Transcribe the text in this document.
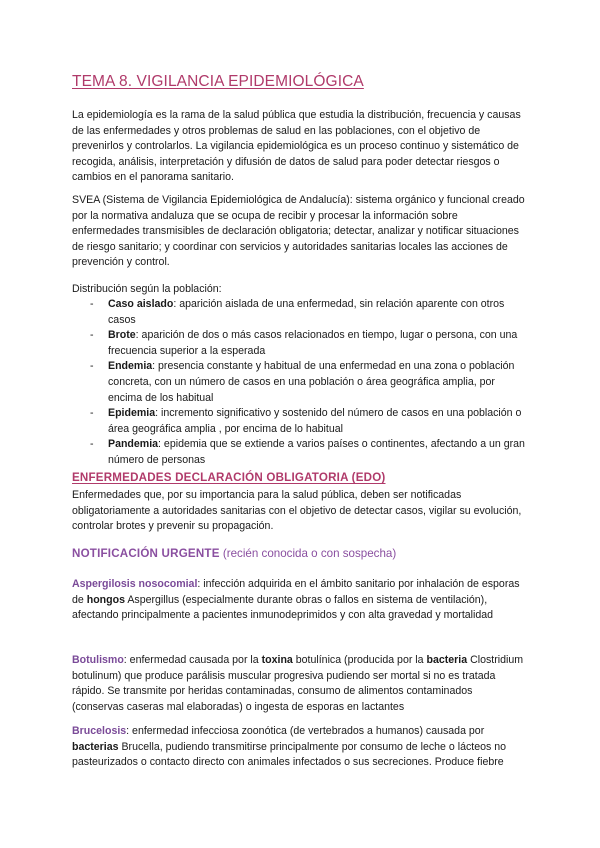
TEMA 8. VIGILANCIA EPIDEMIOLÓGICA

La epidemiología es la rama de la salud pública que estudia la distribución, frecuencia y causas de las enfermedades y otros problemas de salud en las poblaciones, con el objetivo de prevenirlos y controlarlos. La vigilancia epidemiológica es un proceso continuo y sistemático de recogida, análisis, interpretación y difusión de datos de salud para poder detectar riesgos o cambios en el panorama sanitario.

SVEA (Sistema de Vigilancia Epidemiológica de Andalucía): sistema orgánico y funcional creado por la normativa andaluza que se ocupa de recibir y procesar la información sobre enfermedades transmisibles de declaración obligatoria; detectar, analizar y notificar situaciones de riesgo sanitario; y coordinar con servicios y autoridades sanitarias locales las acciones de prevención y control.

Distribución según la población:
- Caso aislado: aparición aislada de una enfermedad, sin relación aparente con otros casos
- Brote: aparición de dos o más casos relacionados en tiempo, lugar o persona, con una frecuencia superior a la esperada
- Endemia: presencia constante y habitual de una enfermedad en una zona o población concreta, con un número de casos en una población o área geográfica amplia, por encima de los habitual
- Epidemia: incremento significativo y sostenido del número de casos en una población o área geográfica amplia , por encima de lo habitual
- Pandemia: epidemia que se extiende a varios países o continentes, afectando a un gran número de personas
ENFERMEDADES DECLARACIÓN OBLIGATORIA (EDO)

Enfermedades que, por su importancia para la salud pública, deben ser notificadas obligatoriamente a autoridades sanitarias con el objetivo de detectar casos, vigilar su evolución, controlar brotes y prevenir su propagación.

NOTIFICACIÓN URGENTE (recién conocida o con sospecha)

Aspergilosis nosocomial: infección adquirida en el ámbito sanitario por inhalación de esporas de hongos Aspergillus (especialmente durante obras o fallos en sistema de ventilación), afectando principalmente a pacientes inmunodeprimidos y con alta gravedad y mortalidad

Botulismo: enfermedad causada por la toxina botulínica (producida por la bacteria Clostridium botulinum) que produce parálisis muscular progresiva pudiendo ser mortal si no es tratada rápido. Se transmite por heridas contaminadas, consumo de alimentos contaminados (conservas caseras mal elaboradas) o ingesta de esporas en lactantes

Brucelosis: enfermedad infecciosa zoonótica (de vertebrados a humanos) causada por bacterias Brucella, pudiendo transmitirse principalmente por consumo de leche o lácteos no pasteurizados o contacto directo con animales infectados o sus secreciones. Produce fiebre
